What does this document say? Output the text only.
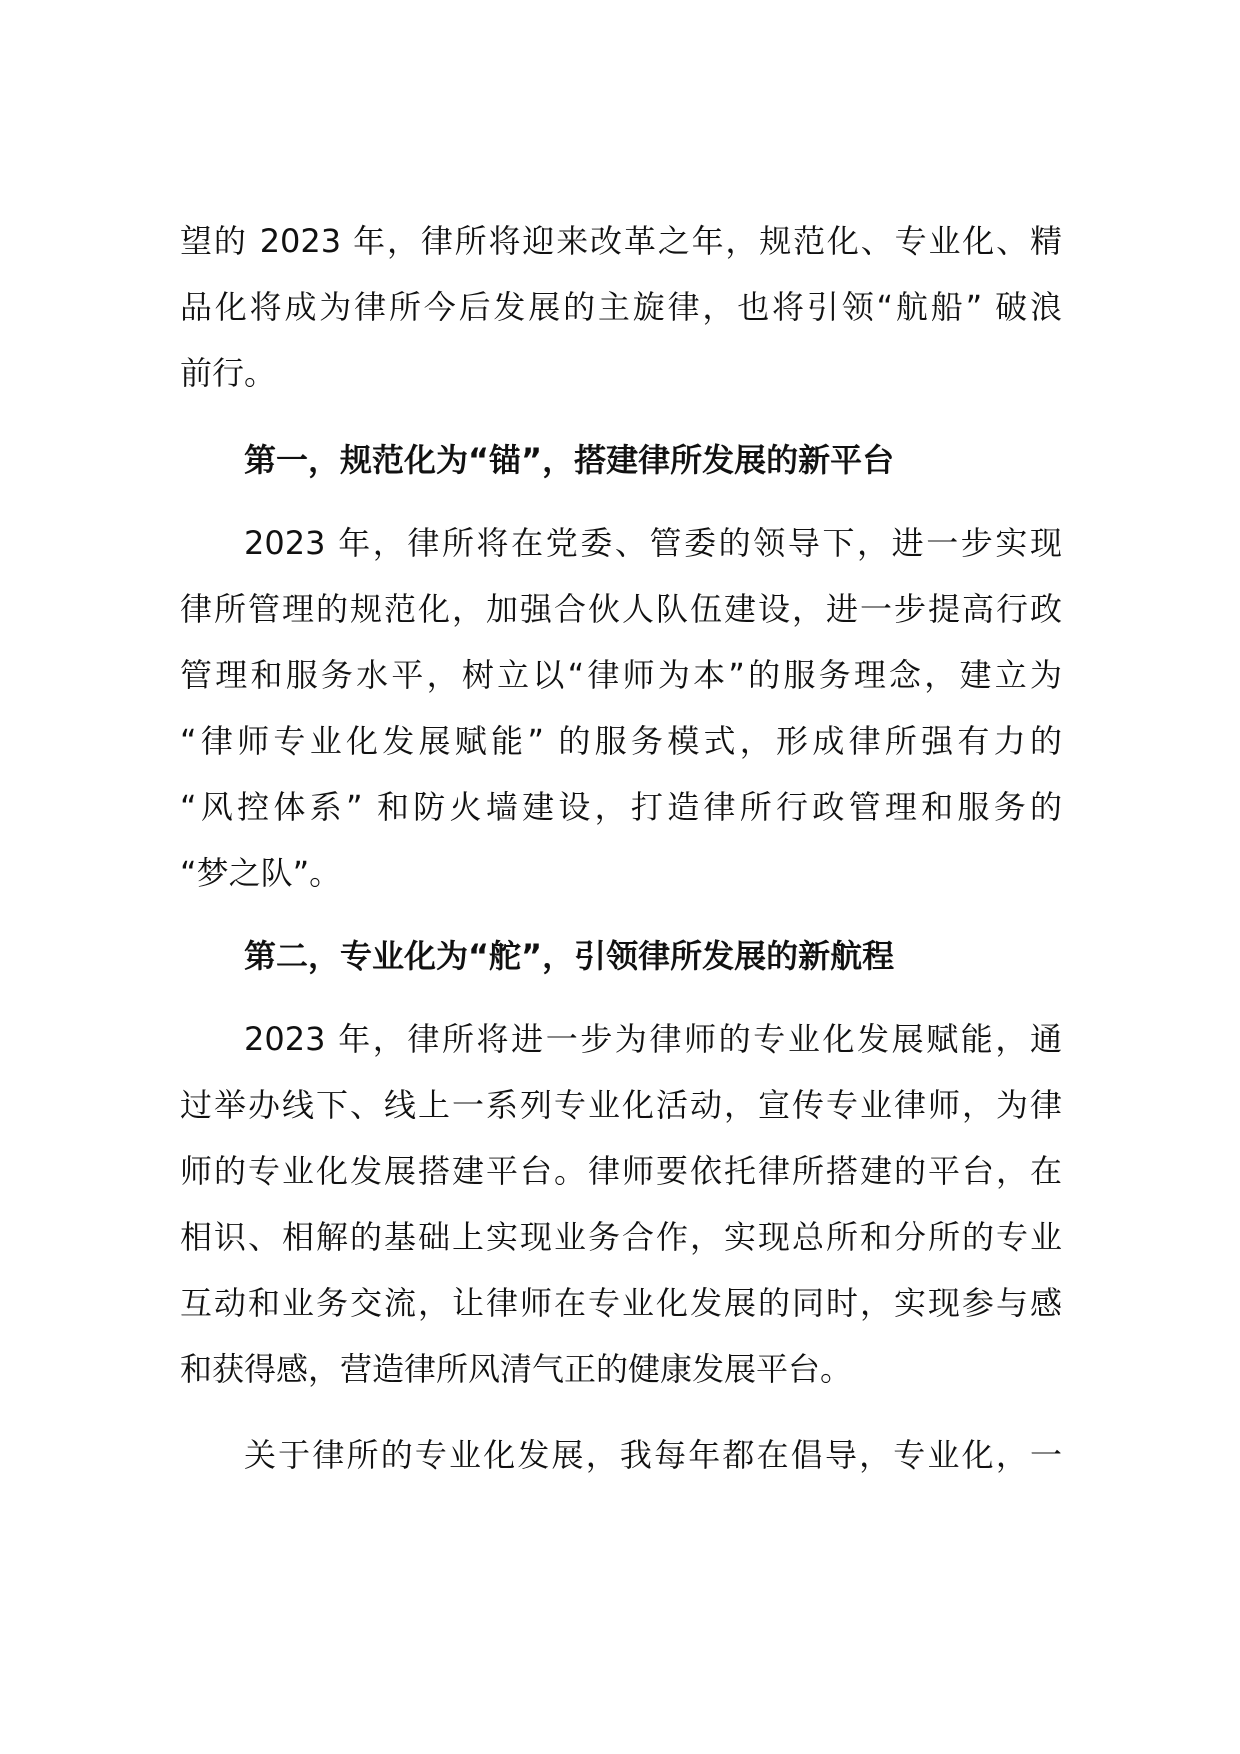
望的 2023 年，律所将迎来改革之年，规范化、专业化、精
品化将成为律所今后发展的主旋律，也将引领“航船” 破浪
前行。
第一，规范化为“锚”，搭建律所发展的新平台
2023 年，律所将在党委、管委的领导下，进一步实现
律所管理的规范化，加强合伙人队伍建设，进一步提高行政
管理和服务水平，树立以“律师为本”的服务理念，建立为
“律师专业化发展赋能” 的服务模式，形成律所强有力的
“风控体系” 和防火墙建设，打造律所行政管理和服务的
“梦之队”。
第二，专业化为“舵”，引领律所发展的新航程
2023 年，律所将进一步为律师的专业化发展赋能，通
过举办线下、线上一系列专业化活动，宣传专业律师，为律
师的专业化发展搭建平台。律师要依托律所搭建的平台，在
相识、相解的基础上实现业务合作，实现总所和分所的专业
互动和业务交流，让律师在专业化发展的同时，实现参与感
和获得感，营造律所风清气正的健康发展平台。
关于律所的专业化发展，我每年都在倡导，专业化，一
